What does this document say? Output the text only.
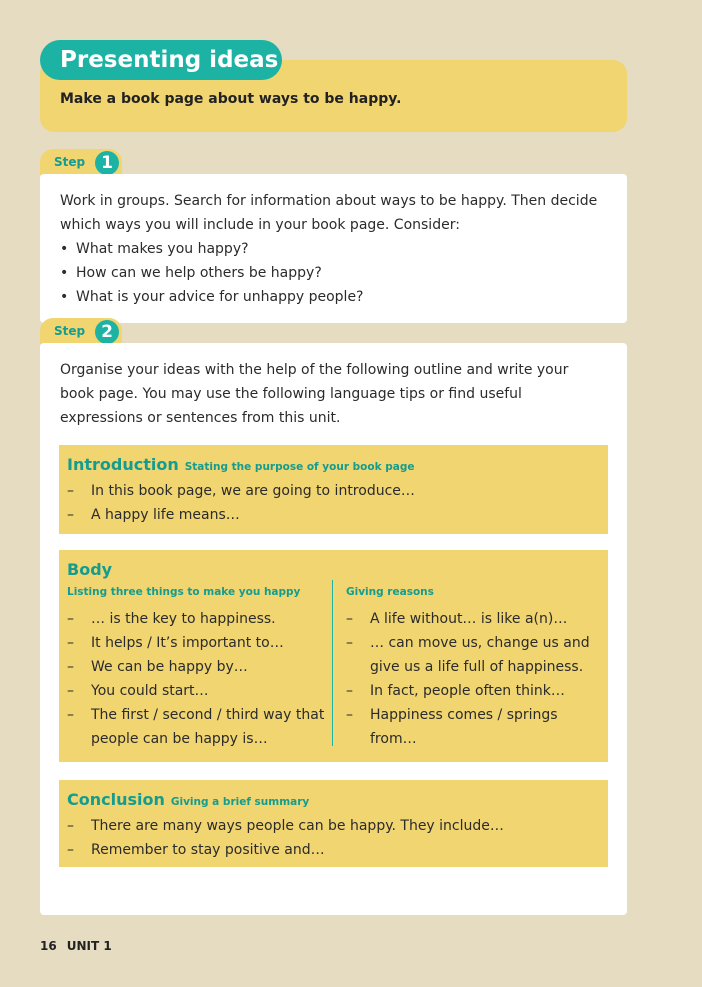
Presenting ideas
Make a book page about ways to be happy.
Step 1

Work in groups. Search for information about ways to be happy. Then decide which ways you will include in your book page. Consider:

• What makes you happy?
• How can we help others be happy?
• What is your advice for unhappy people?
Step 2

Organise your ideas with the help of the following outline and write your book page. You may use the following language tips or find useful expressions or sentences from this unit.

Introduction Stating the purpose of your book page
– In this book page, we are going to introduce…
– A happy life means…
Body
Listing three things to make you happy
– … is the key to happiness.
– It helps / It’s important to…
– We can be happy by…
– You could start…
– The first / second / third way that
people can be happy is…
Giving reasons
– A life without… is like a(n)…
– … can move us, change us and
give us a life full of happiness.
– In fact, people often think…
– Happiness comes / springs from…
Conclusion Giving a brief summary
– There are many ways people can be happy. They include…
– Remember to stay positive and…
16 UNIT 1
